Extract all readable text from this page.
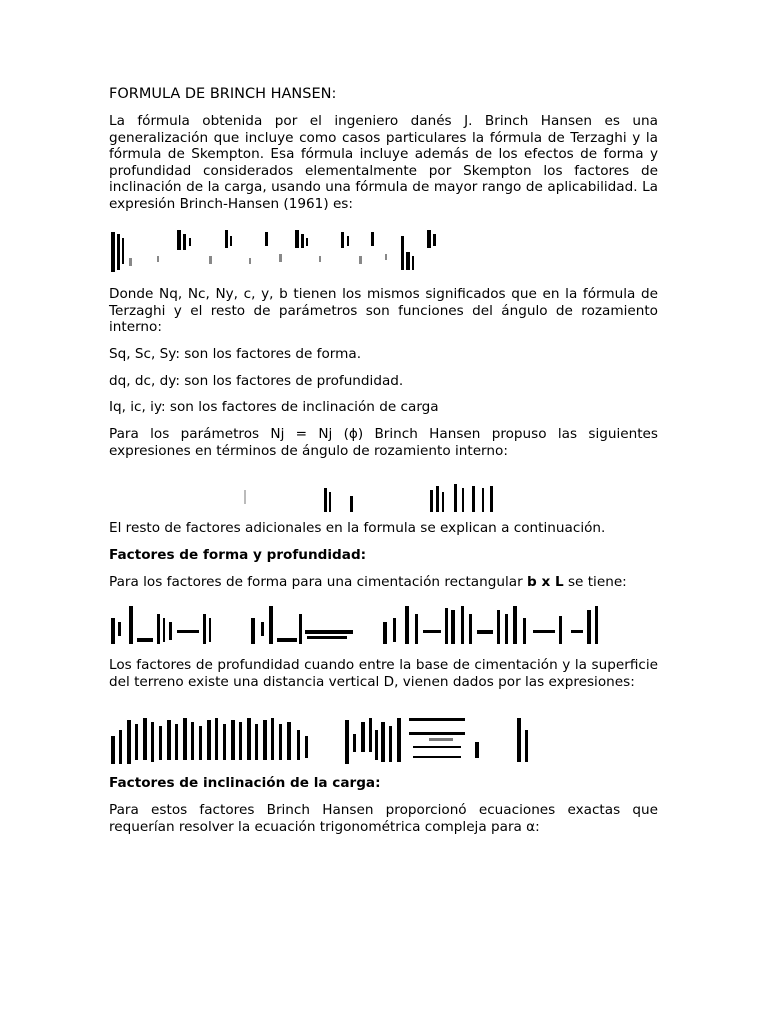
FORMULA DE BRINCH HANSEN:

La fórmula obtenida por el ingeniero danés J. Brinch Hansen es una generalización que incluye como casos particulares la fórmula de Terzaghi y la fórmula de Skempton. Esa fórmula incluye además de los efectos de forma y profundidad considerados elementalmente por Skempton los factores de inclinación de la carga, usando una fórmula de mayor rango de aplicabilidad. La expresión Brinch-Hansen (1961) es:

Donde Nq, Nc, Ny, c, y, b tienen los mismos significados que en la fórmula de Terzaghi y el resto de parámetros son funciones del ángulo de rozamiento interno:

Sq, Sc, Sy: son los factores de forma.

dq, dc, dy: son los factores de profundidad.

Iq, ic, iy: son los factores de inclinación de carga

Para los parámetros Nj = Nj (ϕ) Brinch Hansen propuso las siguientes expresiones en términos de ángulo de rozamiento interno:

El resto de factores adicionales en la formula se explican a continuación.

Factores de forma y profundidad:

Para los factores de forma para una cimentación rectangular b x L se tiene:

Los factores de profundidad cuando entre la base de cimentación y la superficie del terreno existe una distancia vertical D, vienen dados por las expresiones:

Factores de inclinación de la carga:

Para estos factores Brinch Hansen proporcionó ecuaciones exactas que requerían resolver la ecuación trigonométrica compleja para α:
